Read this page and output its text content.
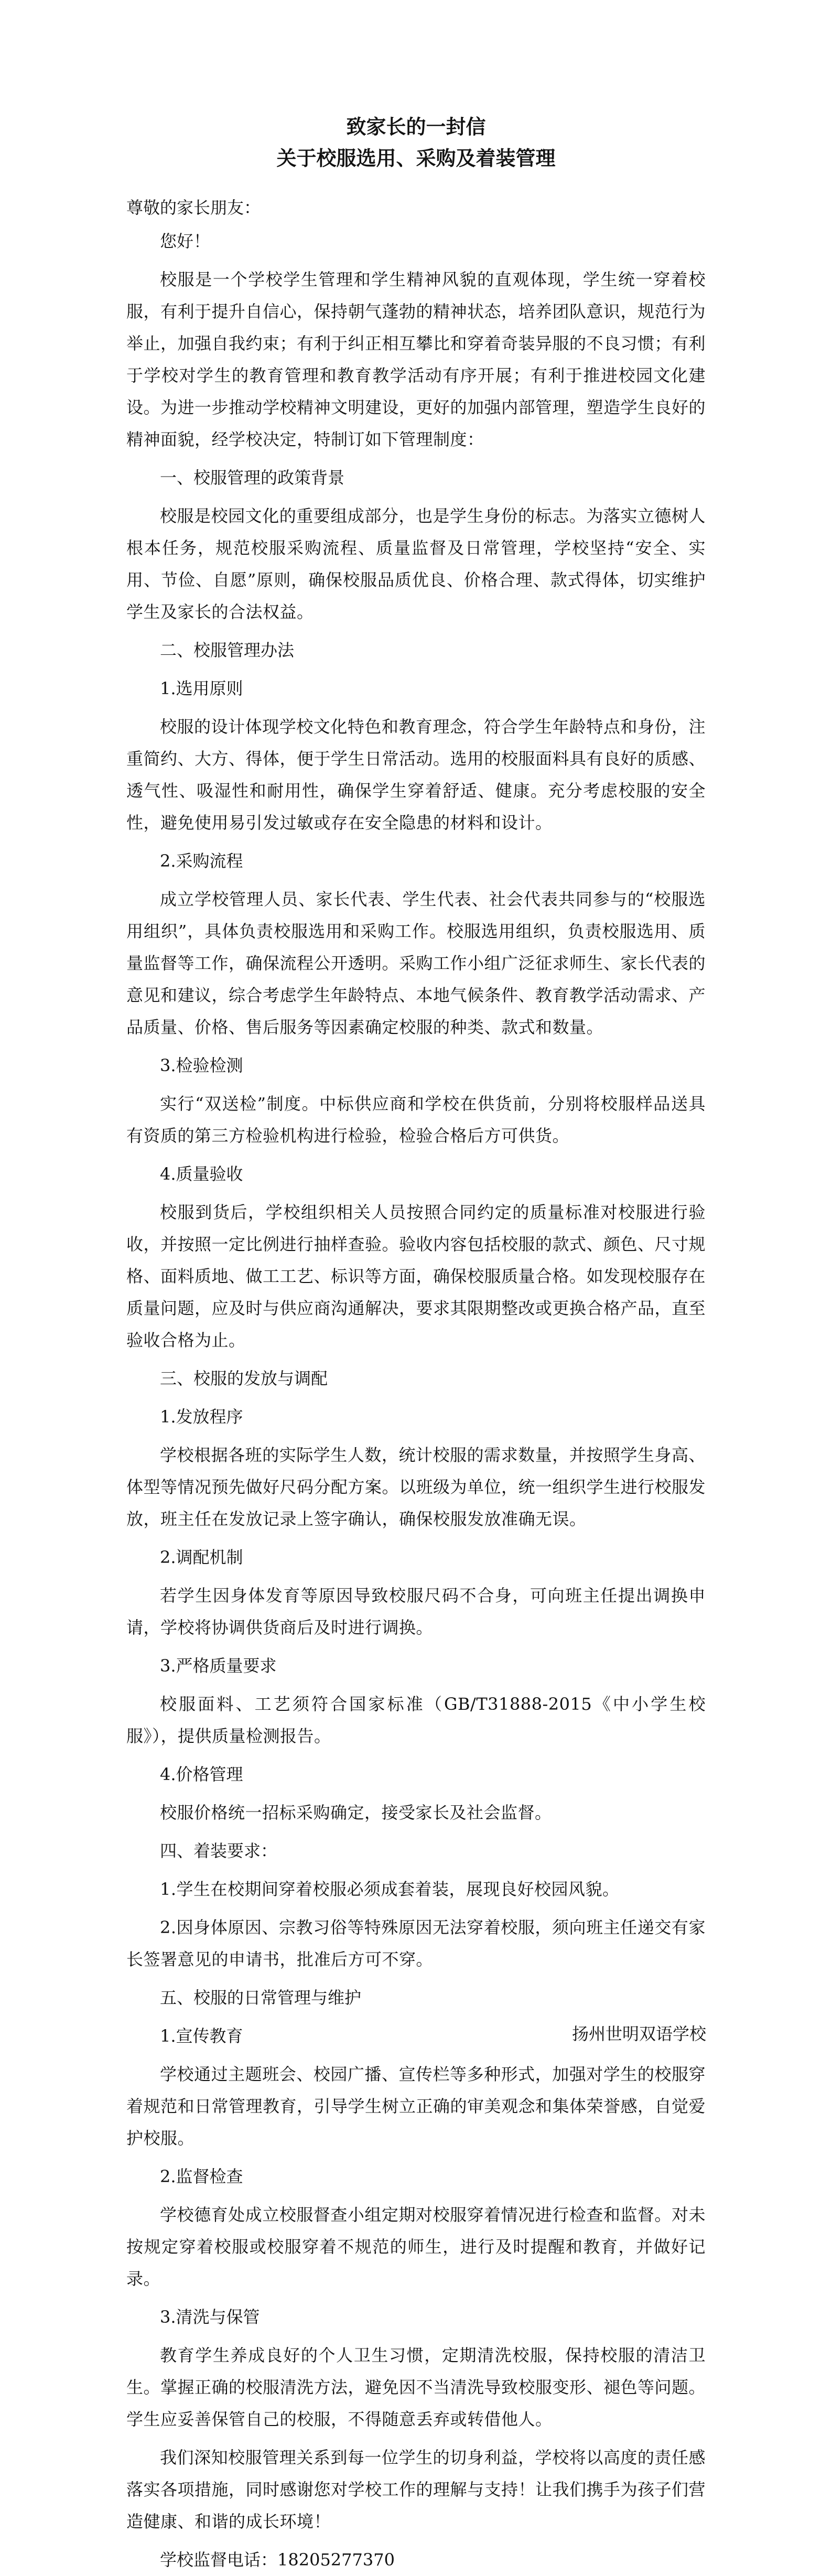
致家长的一封信
关于校服选用、采购及着装管理

尊敬的家长朋友：

您好！

校服是一个学校学生管理和学生精神风貌的直观体现，学生统一穿着校服，有利于提升自信心，保持朝气蓬勃的精神状态，培养团队意识，规范行为举止，加强自我约束；有利于纠正相互攀比和穿着奇装异服的不良习惯；有利于学校对学生的教育管理和教育教学活动有序开展；有利于推进校园文化建设。为进一步推动学校精神文明建设，更好的加强内部管理，塑造学生良好的精神面貌，经学校决定，特制订如下管理制度：

一、校服管理的政策背景

校服是校园文化的重要组成部分，也是学生身份的标志。为落实立德树人根本任务，规范校服采购流程、质量监督及日常管理，学校坚持“安全、实用、节俭、自愿”原则，确保校服品质优良、价格合理、款式得体，切实维护学生及家长的合法权益。

二、校服管理办法

1.选用原则

校服的设计体现学校文化特色和教育理念，符合学生年龄特点和身份，注重简约、大方、得体，便于学生日常活动。选用的校服面料具有良好的质感、透气性、吸湿性和耐用性，确保学生穿着舒适、健康。充分考虑校服的安全性，避免使用易引发过敏或存在安全隐患的材料和设计。

2.采购流程

成立学校管理人员、家长代表、学生代表、社会代表共同参与的“校服选用组织”，具体负责校服选用和采购工作。校服选用组织，负责校服选用、质量监督等工作，确保流程公开透明。采购工作小组广泛征求师生、家长代表的意见和建议，综合考虑学生年龄特点、本地气候条件、教育教学活动需求、产品质量、价格、售后服务等因素确定校服的种类、款式和数量。

3.检验检测

实行“双送检”制度。中标供应商和学校在供货前，分别将校服样品送具有资质的第三方检验机构进行检验，检验合格后方可供货。

4.质量验收

校服到货后，学校组织相关人员按照合同约定的质量标准对校服进行验收，并按照一定比例进行抽样查验。验收内容包括校服的款式、颜色、尺寸规格、面料质地、做工工艺、标识等方面，确保校服质量合格。如发现校服存在质量问题，应及时与供应商沟通解决，要求其限期整改或更换合格产品，直至验收合格为止。

三、校服的发放与调配

1.发放程序

学校根据各班的实际学生人数，统计校服的需求数量，并按照学生身高、体型等情况预先做好尺码分配方案。以班级为单位，统一组织学生进行校服发放，班主任在发放记录上签字确认，确保校服发放准确无误。

2.调配机制

若学生因身体发育等原因导致校服尺码不合身，可向班主任提出调换申请，学校将协调供货商后及时进行调换。

3.严格质量要求

校服面料、工艺须符合国家标准（GB/T31888-2015《中小学生校服》），提供质量检测报告。

4.价格管理

校服价格统一招标采购确定，接受家长及社会监督。

四、着装要求：

1.学生在校期间穿着校服必须成套着装，展现良好校园风貌。

2.因身体原因、宗教习俗等特殊原因无法穿着校服，须向班主任递交有家长签署意见的申请书，批准后方可不穿。

五、校服的日常管理与维护

1.宣传教育

学校通过主题班会、校园广播、宣传栏等多种形式，加强对学生的校服穿着规范和日常管理教育，引导学生树立正确的审美观念和集体荣誉感，自觉爱护校服。

2.监督检查

学校德育处成立校服督查小组定期对校服穿着情况进行检查和监督。对未按规定穿着校服或校服穿着不规范的师生，进行及时提醒和教育，并做好记录。

3.清洗与保管

教育学生养成良好的个人卫生习惯，定期清洗校服，保持校服的清洁卫生。掌握正确的校服清洗方法，避免因不当清洗导致校服变形、褪色等问题。学生应妥善保管自己的校服，不得随意丢弃或转借他人。

我们深知校服管理关系到每一位学生的切身利益，学校将以高度的责任感落实各项措施，同时感谢您对学校工作的理解与支持！让我们携手为孩子们营造健康、和谐的成长环境！

学校监督电话：18205277370

扬州世明双语学校
